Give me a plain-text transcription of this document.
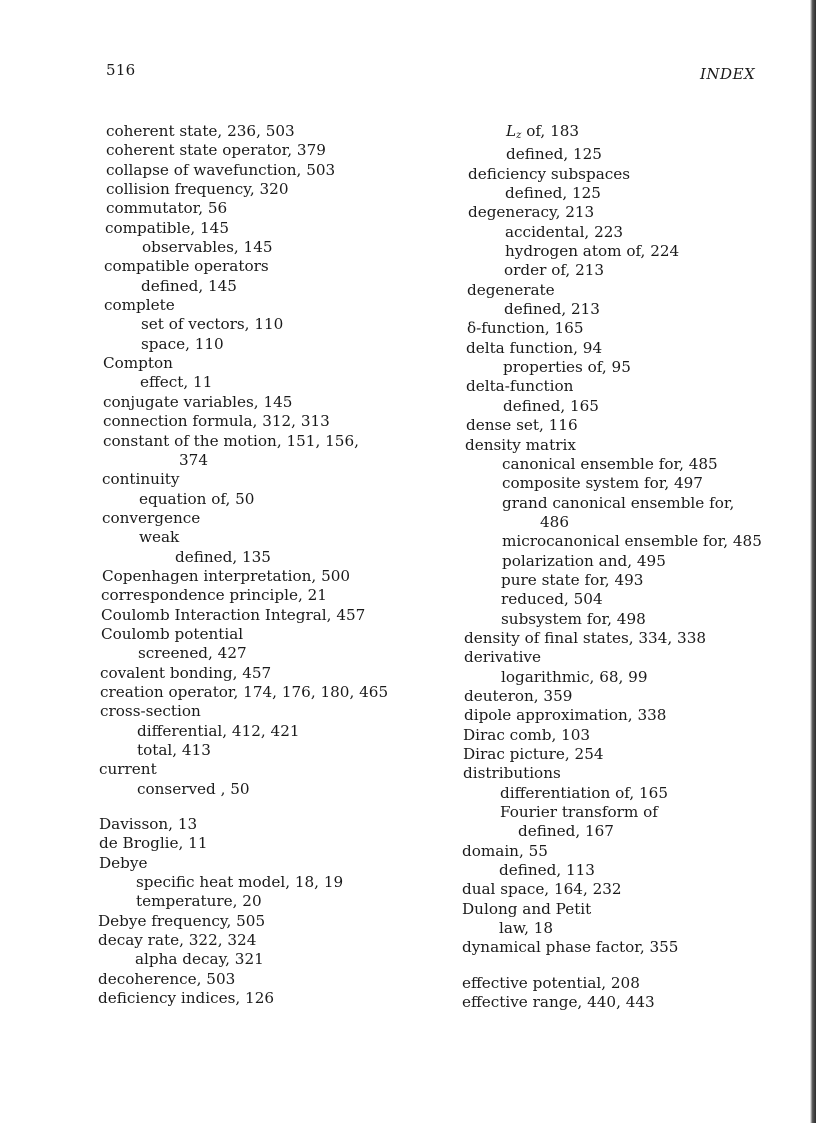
516	INDEX
coherent state, 236, 503
coherent state operator, 379
collapse of wavefunction, 503
collision frequency, 320
commutator, 56
compatible, 145
observables, 145
compatible operators
defined, 145
complete
set of vectors, 110
space, 110
Compton
effect, 11
conjugate variables, 145
connection formula, 312, 313
constant of the motion, 151, 156,
374
continuity
equation of, 50
convergence
weak
defined, 135
Copenhagen interpretation, 500
correspondence principle, 21
Coulomb Interaction Integral, 457
Coulomb potential
screened, 427
covalent bonding, 457
creation operator, 174, 176, 180, 465
cross-section
differential, 412, 421
total, 413
current
conserved , 50
Davisson, 13
de Broglie, 11
Debye
specific heat model, 18, 19
temperature, 20
Debye frequency, 505
decay rate, 322, 324
alpha decay, 321
decoherence, 503
deficiency indices, 126
$L_z$ of, 183
defined, 125
deficiency subspaces
defined, 125
degeneracy, 213
accidental, 223
hydrogen atom of, 224
order of, 213
degenerate
defined, 213
δ-function, 165
delta function, 94
properties of, 95
delta-function
defined, 165
dense set, 116
density matrix
canonical ensemble for, 485
composite system for, 497
grand canonical ensemble for,
486
microcanonical ensemble for, 485
polarization and, 495
pure state for, 493
reduced, 504
subsystem for, 498
density of final states, 334, 338
derivative
logarithmic, 68, 99
deuteron, 359
dipole approximation, 338
Dirac comb, 103
Dirac picture, 254
distributions
differentiation of, 165
Fourier transform of
defined, 167
domain, 55
defined, 113
dual space, 164, 232
Dulong and Petit
law, 18
dynamical phase factor, 355
effective potential, 208
effective range, 440, 443
